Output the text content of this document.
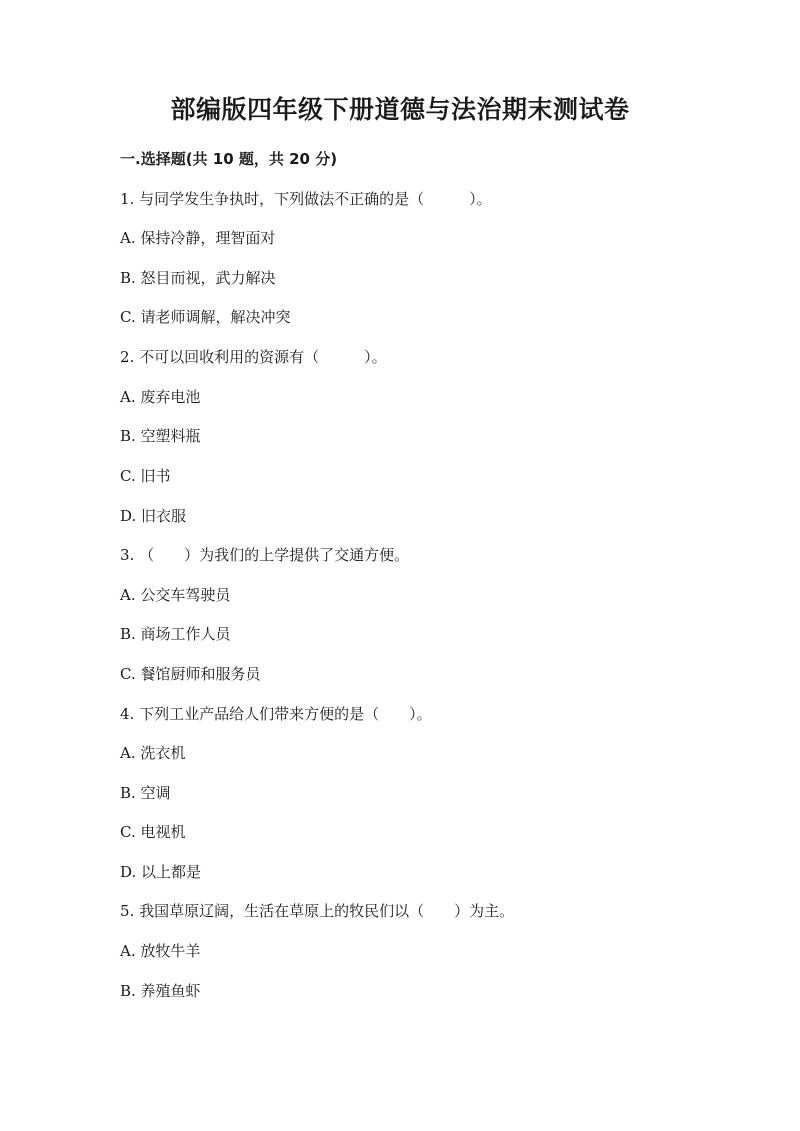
部编版四年级下册道德与法治期末测试卷
一.选择题(共 10 题，共 20 分)
1. 与同学发生争执时，下列做法不正确的是（　　　）。
A. 保持冷静，理智面对
B. 怒目而视，武力解决
C. 请老师调解，解决冲突
2. 不可以回收利用的资源有（　　　）。
A. 废弃电池
B. 空塑料瓶
C. 旧书
D. 旧衣服
3. （　　）为我们的上学提供了交通方便。
A. 公交车驾驶员
B. 商场工作人员
C. 餐馆厨师和服务员
4. 下列工业产品给人们带来方便的是（　　）。
A. 洗衣机
B. 空调
C. 电视机
D. 以上都是
5. 我国草原辽阔，生活在草原上的牧民们以（　　）为主。
A. 放牧牛羊
B. 养殖鱼虾
